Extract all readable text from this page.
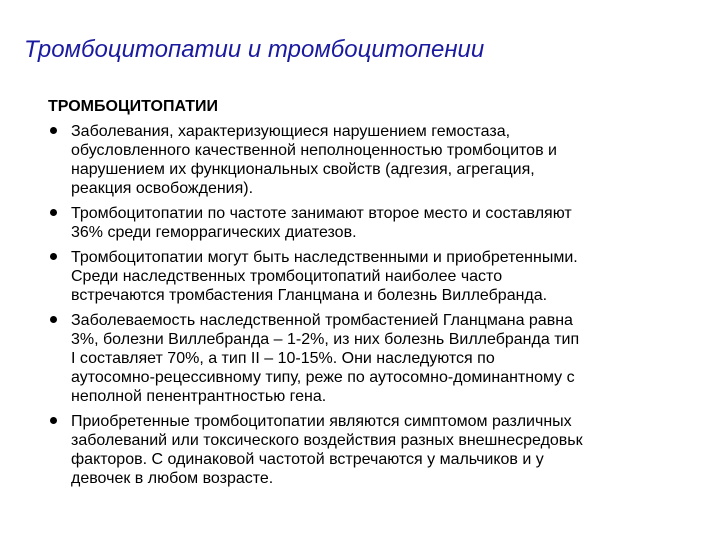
Тромбоцитопатии и тромбоцитопении
ТРОМБОЦИТОПАТИИ
Заболевания, характеризующиеся нарушением гемостаза,
обусловленного качественной неполноценностью тромбоцитов и
нарушением их функциональных свойств (адгезия, агрегация,
реакция освобождения).
Тромбоцитопатии по частоте занимают второе место и составляют
36% среди геморрагических диатезов.
Тромбоцитопатии могут быть наследственными и приобретенными.
Среди наследственных тромбоцитопатий наиболее часто
встречаются тромбастения Гланцмана и болезнь Виллебранда.
Заболеваемость наследственной тромбастенией Гланцмана равна
3%, болезни Виллебранда – 1-2%, из них болезнь Виллебранда тип
I составляет 70%, а тип II – 10-15%. Они наследуются по
аутосомно-рецессивному типу, реже по аутосомно-доминантному с
неполной пенентрантностью гена.
Приобретенные тромбоцитопатии являются симптомом различных
заболеваний или токсического воздействия разных внешнесредовьк
факторов. С одинаковой частотой встречаются у мальчиков и у
девочек в любом возрасте.
